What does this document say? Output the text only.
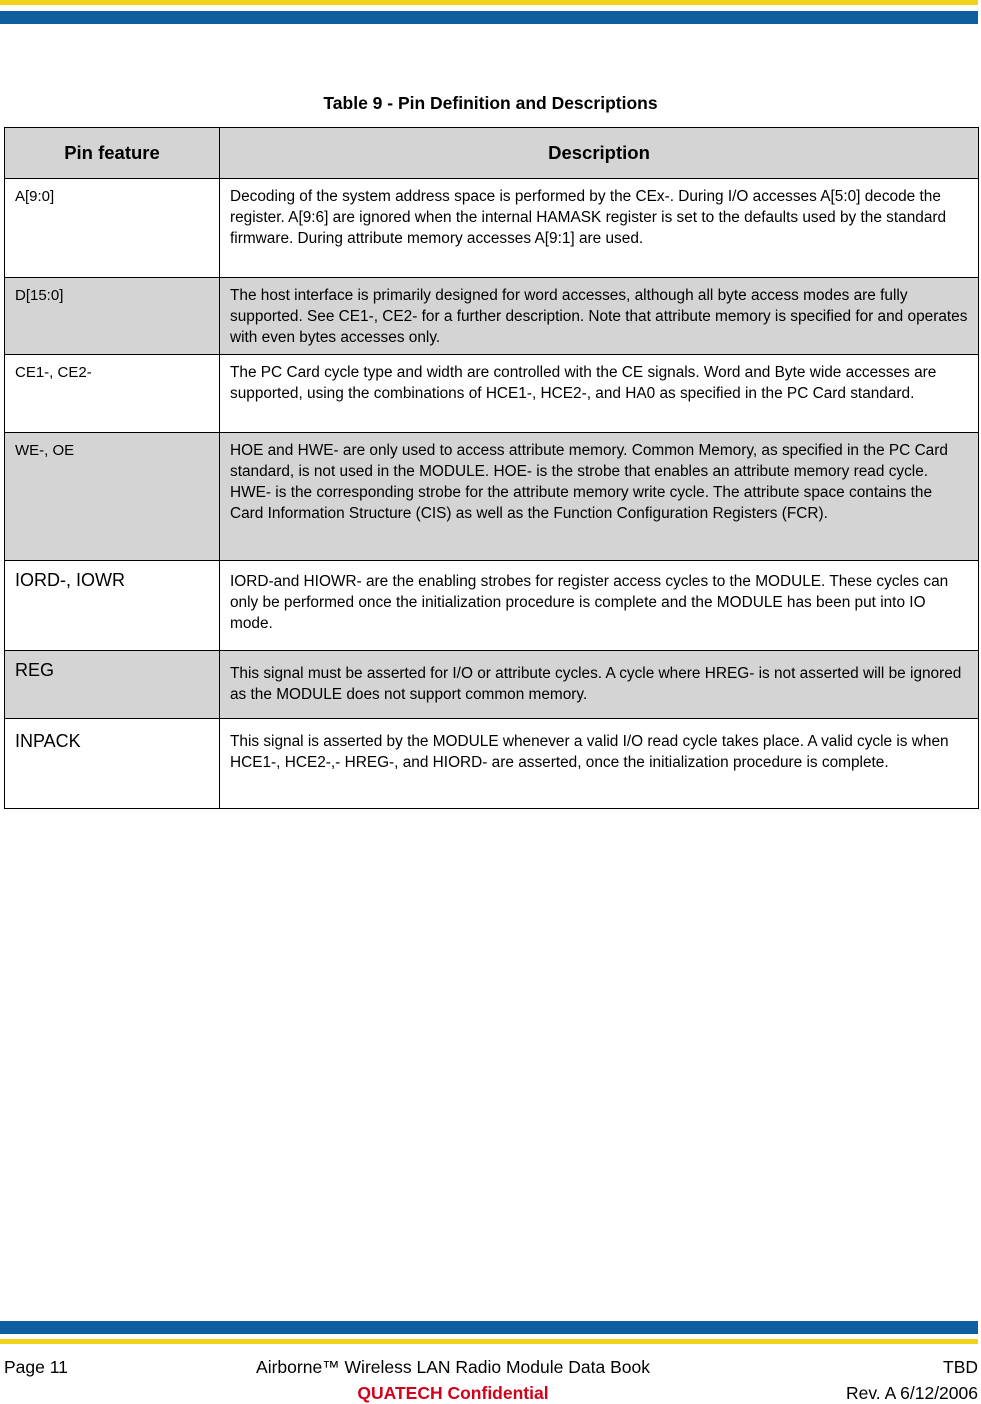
Table 9 - Pin Definition and Descriptions
Pin feature	Description
A[9:0]	Decoding of the system address space is performed by the CEx-. During I/O accesses A[5:0] decode the register. A[9:6] are ignored when the internal HAMASK register is set to the defaults used by the standard firmware. During attribute memory accesses A[9:1] are used.
D[15:0]	The host interface is primarily designed for word accesses, although all byte access modes are fully supported. See CE1-, CE2- for a further description. Note that attribute memory is specified for and operates with even bytes accesses only.
CE1-, CE2-	The PC Card cycle type and width are controlled with the CE signals. Word and Byte wide accesses are supported, using the combinations of HCE1-, HCE2-, and HA0 as specified in the PC Card standard.
WE-, OE	HOE and HWE- are only used to access attribute memory. Common Memory, as specified in the PC Card standard, is not used in the MODULE. HOE- is the strobe that enables an attribute memory read cycle. HWE- is the corresponding strobe for the attribute memory write cycle. The attribute space contains the Card Information Structure (CIS) as well as the Function Configuration Registers (FCR).
IORD-, IOWR	IORD-and HIOWR- are the enabling strobes for register access cycles to the MODULE. These cycles can only be performed once the initialization procedure is complete and the MODULE has been put into IO mode.
REG	This signal must be asserted for I/O or attribute cycles. A cycle where HREG- is not asserted will be ignored as the MODULE does not support common memory.
INPACK	This signal is asserted by the MODULE whenever a valid I/O read cycle takes place. A valid cycle is when HCE1-, HCE2-,- HREG-, and HIORD- are asserted, once the initialization procedure is complete.
Page 11	Airborne™ Wireless LAN Radio Module Data Book	TBD
QUATECH Confidential	Rev. A 6/12/2006
